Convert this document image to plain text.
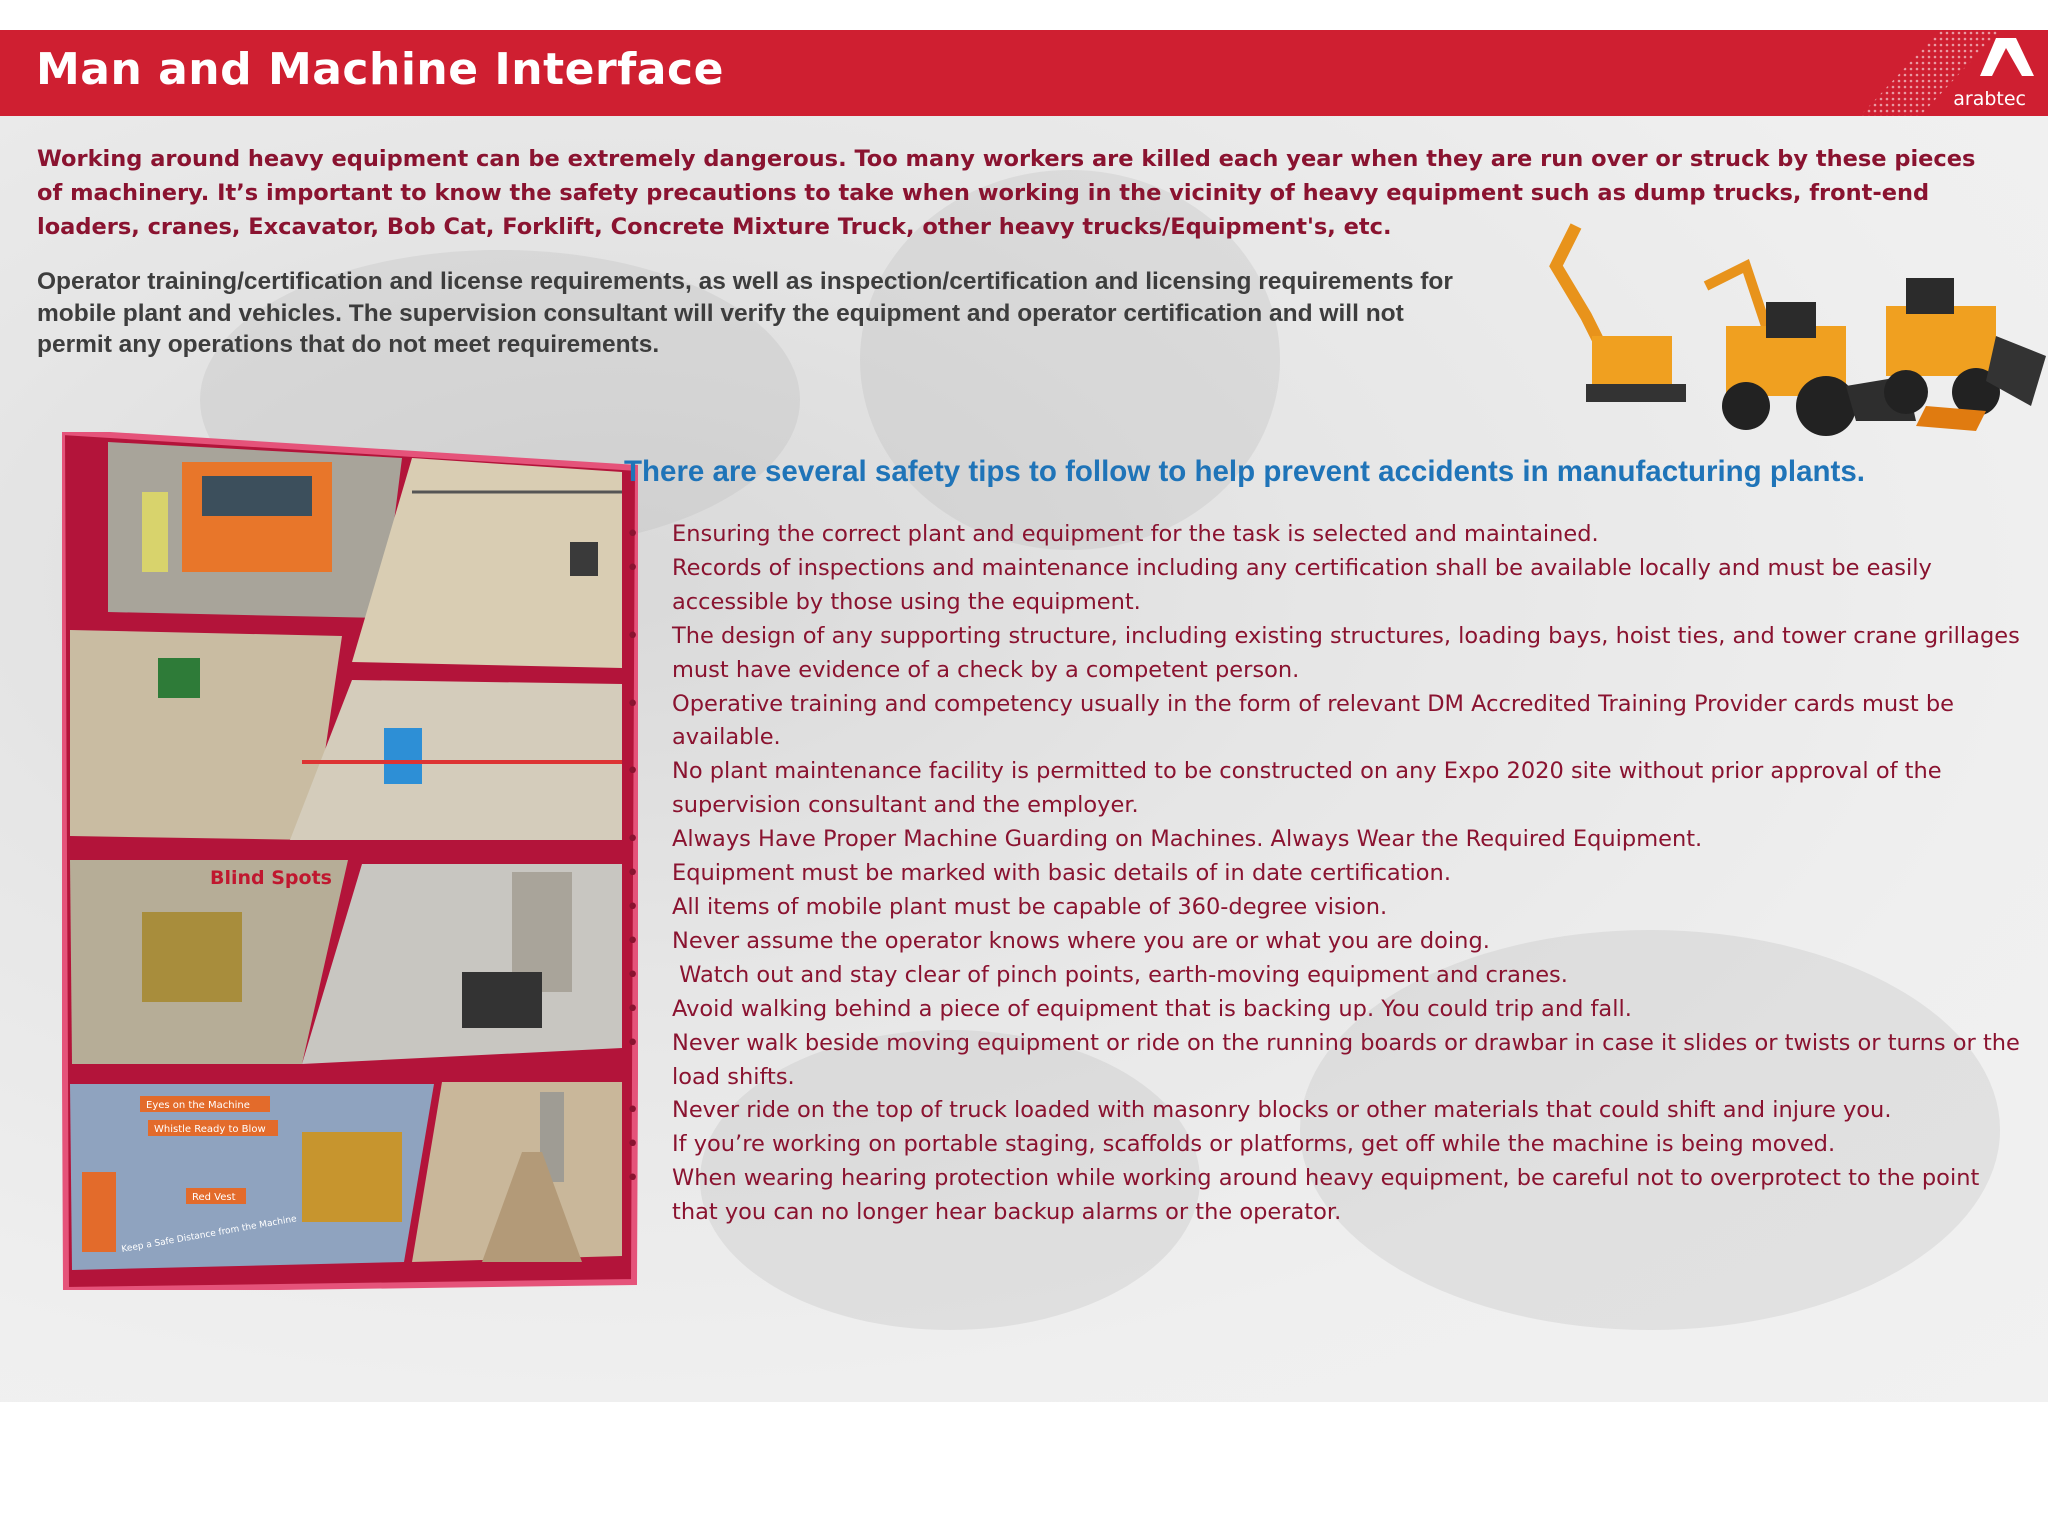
Man and Machine Interface
arabtec

Working around heavy equipment can be extremely dangerous. Too many workers are killed each year when they are run over or struck by these pieces of machinery. It’s important to know the safety precautions to take when working in the vicinity of heavy equipment such as dump trucks, front-end loaders, cranes, Excavator, Bob Cat, Forklift, Concrete Mixture Truck, other heavy trucks/Equipment's, etc.

Operator training/certification and license requirements, as well as inspection/certification and licensing requirements for mobile plant and vehicles. The supervision consultant will verify the equipment and operator certification and will not permit any operations that do not meet requirements.

Blind Spots
Eyes on the Machine
Whistle Ready to Blow
Red Vest
Keep a Safe Distance from the Machine
There are several safety tips to follow to help prevent accidents in manufacturing plants.
• Ensuring the correct plant and equipment for the task is selected and maintained.
• Records of inspections and maintenance including any certification shall be available locally and must be easily accessible by those using the equipment.
• The design of any supporting structure, including existing structures, loading bays, hoist ties, and tower crane grillages must have evidence of a check by a competent person.
• Operative training and competency usually in the form of relevant DM Accredited Training Provider cards must be available.
• No plant maintenance facility is permitted to be constructed on any Expo 2020 site without prior approval of the supervision consultant and the employer.
• Always Have Proper Machine Guarding on Machines. Always Wear the Required Equipment.
• Equipment must be marked with basic details of in date certification.
• All items of mobile plant must be capable of 360-degree vision.
• Never assume the operator knows where you are or what you are doing.
• Watch out and stay clear of pinch points, earth-moving equipment and cranes.
• Avoid walking behind a piece of equipment that is backing up. You could trip and fall.
• Never walk beside moving equipment or ride on the running boards or drawbar in case it slides or twists or turns or the load shifts.
• Never ride on the top of truck loaded with masonry blocks or other materials that could shift and injure you.
• If you’re working on portable staging, scaffolds or platforms, get off while the machine is being moved.
• When wearing hearing protection while working around heavy equipment, be careful not to overprotect to the point that you can no longer hear backup alarms or the operator.
